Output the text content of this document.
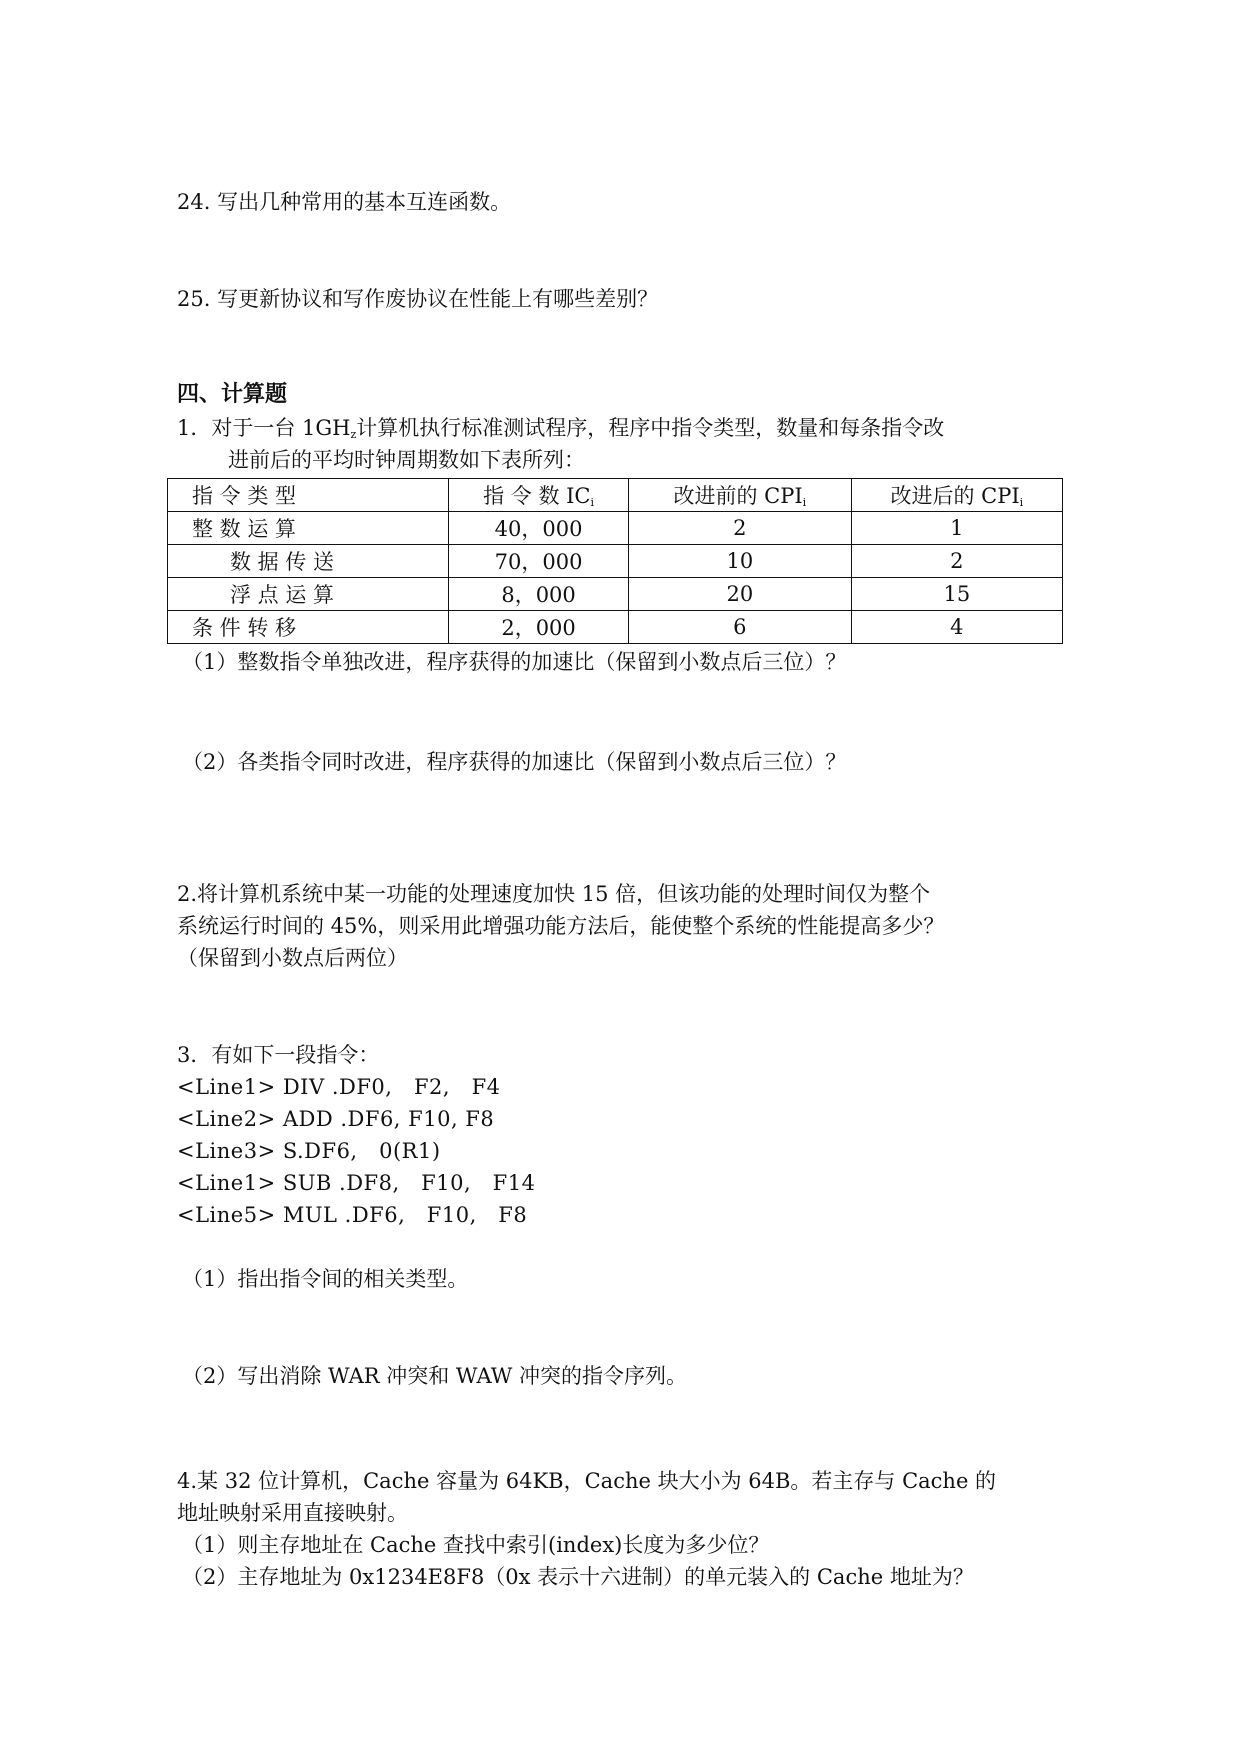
24. 写出几种常用的基本互连函数。
25. 写更新协议和写作废协议在性能上有哪些差别？
四、计算题
1．对于一台 $1GH_z$计算机执行标准测试程序，程序中指令类型，数量和每条指令改
进前后的平均时钟周期数如下表所列：
指 令 类 型	指 令 数 $IC_i$	改进前的 $CPI_i$	改进后的 $CPI_i$
整 数 运 算	40，000	2	1
数 据 传 送	70，000	10	2
浮 点 运 算	8，000	20	15
条 件 转 移	2，000	6	4
（1）整数指令单独改进，程序获得的加速比（保留到小数点后三位）？
（2）各类指令同时改进，程序获得的加速比（保留到小数点后三位）？
2.将计算机系统中某一功能的处理速度加快 15 倍，但该功能的处理时间仅为整个
系统运行时间的 45%，则采用此增强功能方法后，能使整个系统的性能提高多少？
（保留到小数点后两位）
3．有如下一段指令：
<Line1> DIV .DF0,   F2,   F4
<Line2> ADD .DF6, F10, F8
<Line3> S.DF6,   0(R1)
<Line1> SUB .DF8,   F10,   F14
<Line5> MUL .DF6,   F10,   F8
（1）指出指令间的相关类型。
（2）写出消除 WAR 冲突和 WAW 冲突的指令序列。
4.某 32 位计算机，Cache 容量为 64KB，Cache 块大小为 64B。若主存与 Cache 的
地址映射采用直接映射。
（1）则主存地址在 Cache 查找中索引(index)长度为多少位？
（2）主存地址为 0x1234E8F8（0x 表示十六进制）的单元装入的 Cache 地址为？
